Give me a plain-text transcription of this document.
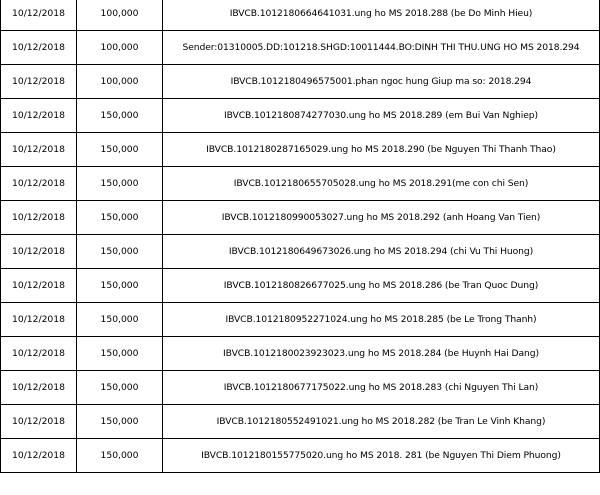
10/12/2018	100,000	IBVCB.1012180664641031.ung ho MS 2018.288 (be Do Minh Hieu)
10/12/2018	100,000	Sender:01310005.DD:101218.SHGD:10011444.BO:DINH THI THU.UNG HO MS 2018.294
10/12/2018	100,000	IBVCB.1012180496575001.phan ngoc hung Giup ma so: 2018.294
10/12/2018	150,000	IBVCB.1012180874277030.ung ho MS 2018.289 (em Bui Van Nghiep)
10/12/2018	150,000	IBVCB.1012180287165029.ung ho MS 2018.290 (be Nguyen Thi Thanh Thao)
10/12/2018	150,000	IBVCB.1012180655705028.ung ho MS 2018.291(me con chi Sen)
10/12/2018	150,000	IBVCB.1012180990053027.ung ho MS 2018.292 (anh Hoang Van Tien)
10/12/2018	150,000	IBVCB.1012180649673026.ung ho MS 2018.294 (chi Vu Thi Huong)
10/12/2018	150,000	IBVCB.1012180826677025.ung ho MS 2018.286 (be Tran Quoc Dung)
10/12/2018	150,000	IBVCB.1012180952271024.ung ho MS 2018.285 (be Le Trong Thanh)
10/12/2018	150,000	IBVCB.1012180023923023.ung ho MS 2018.284 (be Huynh Hai Dang)
10/12/2018	150,000	IBVCB.1012180677175022.ung ho MS 2018.283 (chi Nguyen Thi Lan)
10/12/2018	150,000	IBVCB.1012180552491021.ung ho MS 2018.282 (be Tran Le Vinh Khang)
10/12/2018	150,000	IBVCB.1012180155775020.ung ho MS 2018. 281 (be Nguyen Thi Diem Phuong)
